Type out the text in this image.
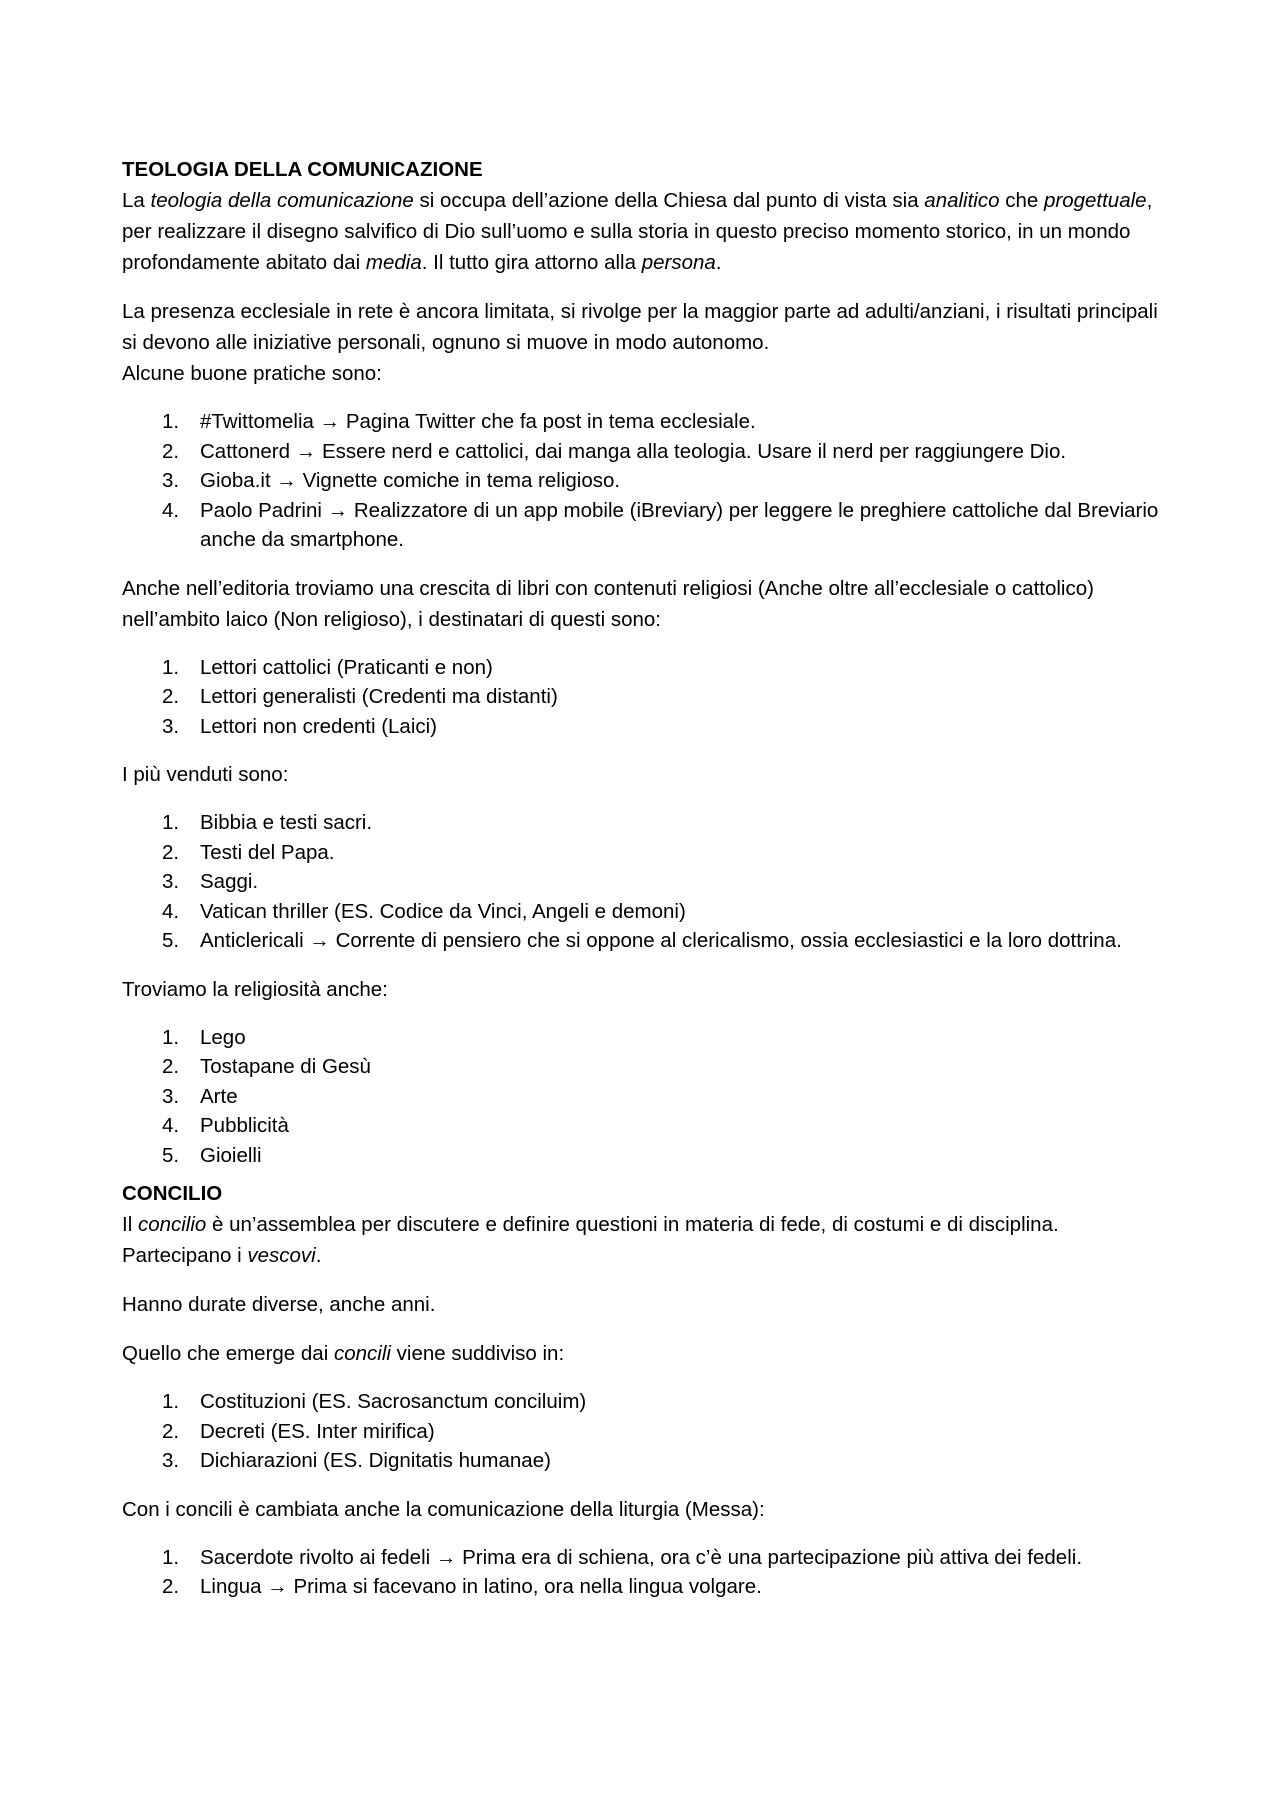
TEOLOGIA DELLA COMUNICAZIONE

La teologia della comunicazione si occupa dell’azione della Chiesa dal punto di vista sia analitico che progettuale, per realizzare il disegno salvifico di Dio sull’uomo e sulla storia in questo preciso momento storico, in un mondo profondamente abitato dai media. Il tutto gira attorno alla persona.

La presenza ecclesiale in rete è ancora limitata, si rivolge per la maggior parte ad adulti/anziani, i risultati principali si devono alle iniziative personali, ognuno si muove in modo autonomo.

Alcune buone pratiche sono:

1.	#Twittomelia → Pagina Twitter che fa post in tema ecclesiale.
2.	Cattonerd → Essere nerd e cattolici, dai manga alla teologia. Usare il nerd per raggiungere Dio.
3.	Gioba.it → Vignette comiche in tema religioso.
4.	Paolo Padrini → Realizzatore di un app mobile (iBreviary) per leggere le preghiere cattoliche dal Breviario anche da smartphone.

Anche nell’editoria troviamo una crescita di libri con contenuti religiosi (Anche oltre all’ecclesiale o cattolico) nell’ambito laico (Non religioso), i destinatari di questi sono:

1.	Lettori cattolici (Praticanti e non)
2.	Lettori generalisti (Credenti ma distanti)
3.	Lettori non credenti (Laici)

I più venduti sono:

1.	Bibbia e testi sacri.
2.	Testi del Papa.
3.	Saggi.
4.	Vatican thriller (ES. Codice da Vinci, Angeli e demoni)
5.	Anticlericali → Corrente di pensiero che si oppone al clericalismo, ossia ecclesiastici e la loro dottrina.

Troviamo la religiosità anche:

1.	Lego
2.	Tostapane di Gesù
3.	Arte
4.	Pubblicità
5.	Gioielli
CONCILIO

Il concilio è un’assemblea per discutere e definire questioni in materia di fede, di costumi e di disciplina. Partecipano i vescovi.

Hanno durate diverse, anche anni.

Quello che emerge dai concili viene suddiviso in:

1.	Costituzioni (ES. Sacrosanctum conciluim)
2.	Decreti (ES. Inter mirifica)
3.	Dichiarazioni (ES. Dignitatis humanae)

Con i concili è cambiata anche la comunicazione della liturgia (Messa):

1.	Sacerdote rivolto ai fedeli → Prima era di schiena, ora c’è una partecipazione più attiva dei fedeli.
2.	Lingua → Prima si facevano in latino, ora nella lingua volgare.
